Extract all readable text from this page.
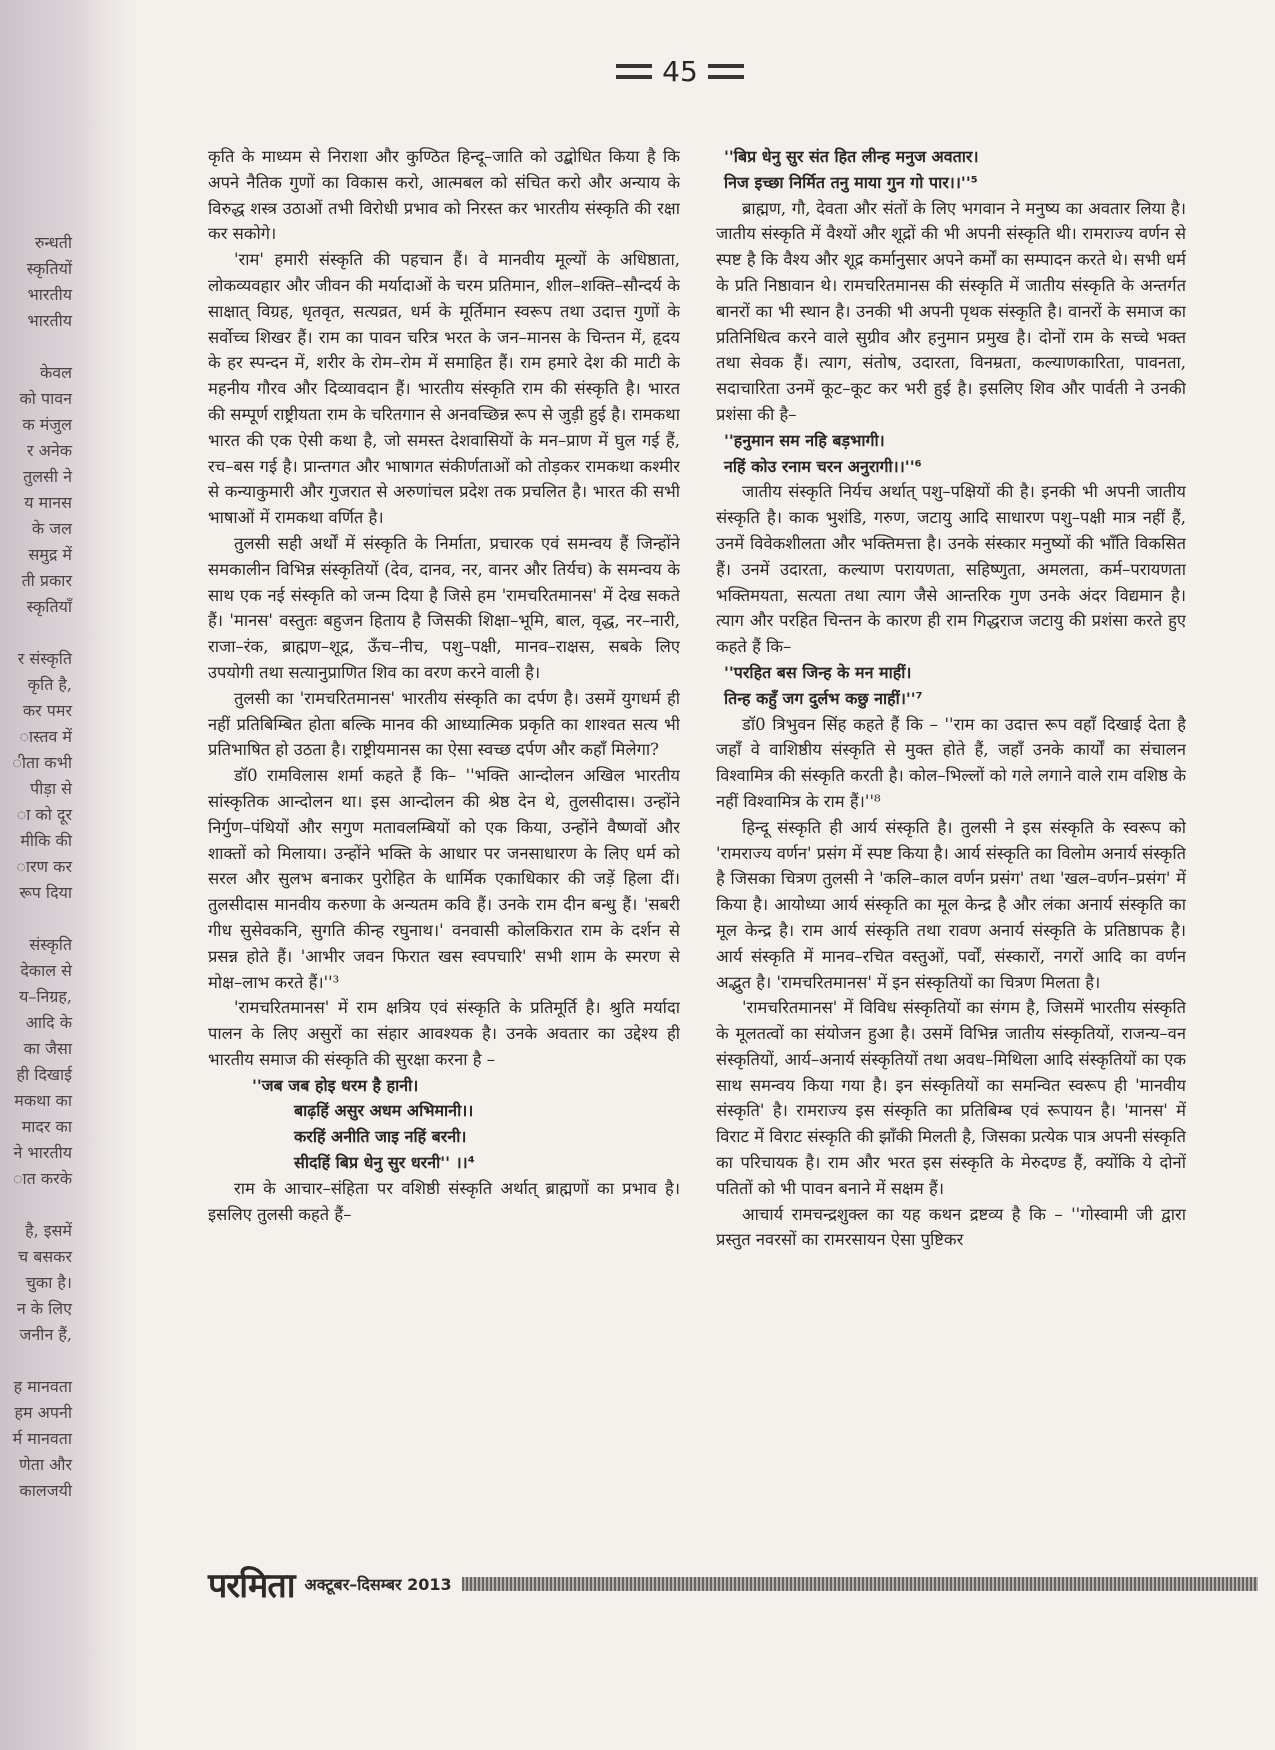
रुन्धती
स्कृतियों
भारतीय
भारतीय
केवल
को पावन
क मंजुल
र अनेक
तुलसी ने
य मानस
के जल
समुद्र में
ती प्रकार
स्कृतियाँ
र संस्कृति
कृति है,
कर पमर
ास्तव में
ीता कभी
पीड़ा से
ा को दूर
मीकि की
ारण कर
रूप दिया
संस्कृति
देकाल से
य–निग्रह,
आदि के
का जैसा
ही दिखाई
मकथा का
मादर का
ने भारतीय
ात करके
है, इसमें
च बसकर
चुका है।
न के लिए
जनीन हैं,
ह मानवता
हम अपनी
र्म मानवता
णेता और
कालजयी
45

कृति के माध्यम से निराशा और कुण्ठित हिन्दू–जाति को उद्बोधित किया है कि अपने नैतिक गुणों का विकास करो, आत्मबल को संचित करो और अन्याय के विरुद्ध शस्त्र उठाओं तभी विरोधी प्रभाव को निरस्त कर भारतीय संस्कृति की रक्षा कर सकोगे।

'राम' हमारी संस्कृति की पहचान हैं। वे मानवीय मूल्यों के अधिष्ठाता, लोकव्यवहार और जीवन की मर्यादाओं के चरम प्रतिमान, शील–शक्ति–सौन्दर्य के साक्षात् विग्रह, धृतवृत, सत्यव्रत, धर्म के मूर्तिमान स्वरूप तथा उदात्त गुणों के सर्वोच्च शिखर हैं। राम का पावन चरित्र भरत के जन–मानस के चिन्तन में, हृदय के हर स्पन्दन में, शरीर के रोम–रोम में समाहित हैं। राम हमारे देश की माटी के महनीय गौरव और दिव्यावदान हैं। भारतीय संस्कृति राम की संस्कृति है। भारत की सम्पूर्ण राष्ट्रीयता राम के चरितगान से अनवच्छिन्न रूप से जुड़ी हुई है। रामकथा भारत की एक ऐसी कथा है, जो समस्त देशवासियों के मन–प्राण में घुल गई हैं, रच–बस गई है। प्रान्तगत और भाषागत संकीर्णताओं को तोड़कर रामकथा कश्मीर से कन्याकुमारी और गुजरात से अरुणांचल प्रदेश तक प्रचलित है। भारत की सभी भाषाओं में रामकथा वर्णित है।

तुलसी सही अर्थों में संस्कृति के निर्माता, प्रचारक एवं समन्वय हैं जिन्होंने समकालीन विभिन्न संस्कृतियों (देव, दानव, नर, वानर और तिर्यच) के समन्वय के साथ एक नई संस्कृति को जन्म दिया है जिसे हम 'रामचरितमानस' में देख सकते हैं। 'मानस' वस्तुतः बहुजन हिताय है जिसकी शिक्षा–भूमि, बाल, वृद्ध, नर–नारी, राजा–रंक, ब्राह्मण–शूद्र, ऊँच–नीच, पशु–पक्षी, मानव–राक्षस, सबके लिए उपयोगी तथा सत्यानुप्राणित शिव का वरण करने वाली है।

तुलसी का 'रामचरितमानस' भारतीय संस्कृति का दर्पण है। उसमें युगधर्म ही नहीं प्रतिबिम्बित होता बल्कि मानव की आध्यात्मिक प्रकृति का शाश्वत सत्य भी प्रतिभाषित हो उठता है। राष्ट्रीयमानस का ऐसा स्वच्छ दर्पण और कहाँ मिलेगा?

डॉ0 रामविलास शर्मा कहते हैं कि– ''भक्ति आन्दोलन अखिल भारतीय सांस्कृतिक आन्दोलन था। इस आन्दोलन की श्रेष्ठ देन थे, तुलसीदास। उन्होंने निर्गुण–पंथियों और सगुण मतावलम्बियों को एक किया, उन्होंने वैष्णवों और शाक्तों को मिलाया। उन्होंने भक्ति के आधार पर जनसाधारण के लिए धर्म को सरल और सुलभ बनाकर पुरोहित के धार्मिक एकाधिकार की जड़ें हिला दीं। तुलसीदास मानवीय करुणा के अन्यतम कवि हैं। उनके राम दीन बन्धु हैं। 'सबरी गीध सुसेवकनि, सुगति कीन्ह रघुनाथ।' वनवासी कोलकिरात राम के दर्शन से प्रसन्न होते हैं। 'आभीर जवन फिरात खस स्वपचारि' सभी शाम के स्मरण से मोक्ष–लाभ करते हैं।''³

'रामचरितमानस' में राम क्षत्रिय एवं संस्कृति के प्रतिमूर्ति है। श्रुति मर्यादा पालन के लिए असुरों का संहार आवश्यक है। उनके अवतार का उद्देश्य ही भारतीय समाज की संस्कृति की सुरक्षा करना है –

''जब जब होइ धरम है हानी।
बाढ़हिं असुर अधम अभिमानी।।
करहिं अनीति जाइ नहिं बरनी।
सीदहिं बिप्र धेनु सुर धरनी'' ।।⁴

राम के आचार–संहिता पर वशिष्ठी संस्कृति अर्थात् ब्राह्मणों का प्रभाव है। इसलिए तुलसी कहते हैं–

''बिप्र धेनु सुर संत हित लीन्ह मनुज अवतार।
निज इच्छा निर्मित तनु माया गुन गो पार।।''⁵

ब्राह्मण, गौ, देवता और संतों के लिए भगवान ने मनुष्य का अवतार लिया है। जातीय संस्कृति में वैश्यों और शूद्रों की भी अपनी संस्कृति थी। रामराज्य वर्णन से स्पष्ट है कि वैश्य और शूद्र कर्मानुसार अपने कर्मों का सम्पादन करते थे। सभी धर्म के प्रति निष्ठावान थे। रामचरितमानस की संस्कृति में जातीय संस्कृति के अन्तर्गत बानरों का भी स्थान है। उनकी भी अपनी पृथक संस्कृति है। वानरों के समाज का प्रतिनिधित्व करने वाले सुग्रीव और हनुमान प्रमुख है। दोनों राम के सच्चे भक्त तथा सेवक हैं। त्याग, संतोष, उदारता, विनम्रता, कल्याणकारिता, पावनता, सदाचारिता उनमें कूट–कूट कर भरी हुई है। इसलिए शिव और पार्वती ने उनकी प्रशंसा की है–

''हनुमान सम नहि बड़भागी।
नहिं कोउ रनाम चरन अनुरागी।।''⁶

जातीय संस्कृति निर्यच अर्थात् पशु–पक्षियों की है। इनकी भी अपनी जातीय संस्कृति है। काक भुशंडि, गरुण, जटायु आदि साधारण पशु–पक्षी मात्र नहीं हैं, उनमें विवेकशीलता और भक्तिमत्ता है। उनके संस्कार मनुष्यों की भाँति विकसित हैं। उनमें उदारता, कल्याण परायणता, सहिष्णुता, अमलता, कर्म–परायणता भक्तिमयता, सत्यता तथा त्याग जैसे आन्तरिक गुण उनके अंदर विद्यमान है। त्याग और परहित चिन्तन के कारण ही राम गिद्धराज जटायु की प्रशंसा करते हुए कहते हैं कि–

''परहित बस जिन्ह के मन माहीं।
तिन्ह कहुँ जग दुर्लभ कछु नाहीं।''⁷

डॉ0 त्रिभुवन सिंह कहते हैं कि – ''राम का उदात्त रूप वहाँ दिखाई देता है जहाँ वे वाशिष्ठीय संस्कृति से मुक्त होते हैं, जहाँ उनके कार्यों का संचालन विश्वामित्र की संस्कृति करती है। कोल–भिल्लों को गले लगाने वाले राम वशिष्ठ के नहीं विश्वामित्र के राम हैं।''⁸

हिन्दू संस्कृति ही आर्य संस्कृति है। तुलसी ने इस संस्कृति के स्वरूप को 'रामराज्य वर्णन' प्रसंग में स्पष्ट किया है। आर्य संस्कृति का विलोम अनार्य संस्कृति है जिसका चित्रण तुलसी ने 'कलि–काल वर्णन प्रसंग' तथा 'खल–वर्णन–प्रसंग' में किया है। आयोध्या आर्य संस्कृति का मूल केन्द्र है और लंका अनार्य संस्कृति का मूल केन्द्र है। राम आर्य संस्कृति तथा रावण अनार्य संस्कृति के प्रतिष्ठापक है। आर्य संस्कृति में मानव–रचित वस्तुओं, पर्वों, संस्कारों, नगरों आदि का वर्णन अद्भुत है। 'रामचरितमानस' में इन संस्कृतियों का चित्रण मिलता है।

'रामचरितमानस' में विविध संस्कृतियों का संगम है, जिसमें भारतीय संस्कृति के मूलतत्वों का संयोजन हुआ है। उसमें विभिन्न जातीय संस्कृतियों, राजन्य–वन संस्कृतियों, आर्य–अनार्य संस्कृतियों तथा अवध–मिथिला आदि संस्कृतियों का एक साथ समन्वय किया गया है। इन संस्कृतियों का समन्वित स्वरूप ही 'मानवीय संस्कृति' है। रामराज्य इस संस्कृति का प्रतिबिम्ब एवं रूपायन है। 'मानस' में विराट में विराट संस्कृति की झाँकी मिलती है, जिसका प्रत्येक पात्र अपनी संस्कृति का परिचायक है। राम और भरत इस संस्कृति के मेरुदण्ड हैं, क्योंकि ये दोनों पतितों को भी पावन बनाने में सक्षम हैं।

आचार्य रामचन्द्रशुक्ल का यह कथन द्रष्टव्य है कि – ''गोस्वामी जी द्वारा प्रस्तुत नवरसों का रामरसायन ऐसा पुष्टिकर

परमिता अक्टूबर–दिसम्बर 2013
